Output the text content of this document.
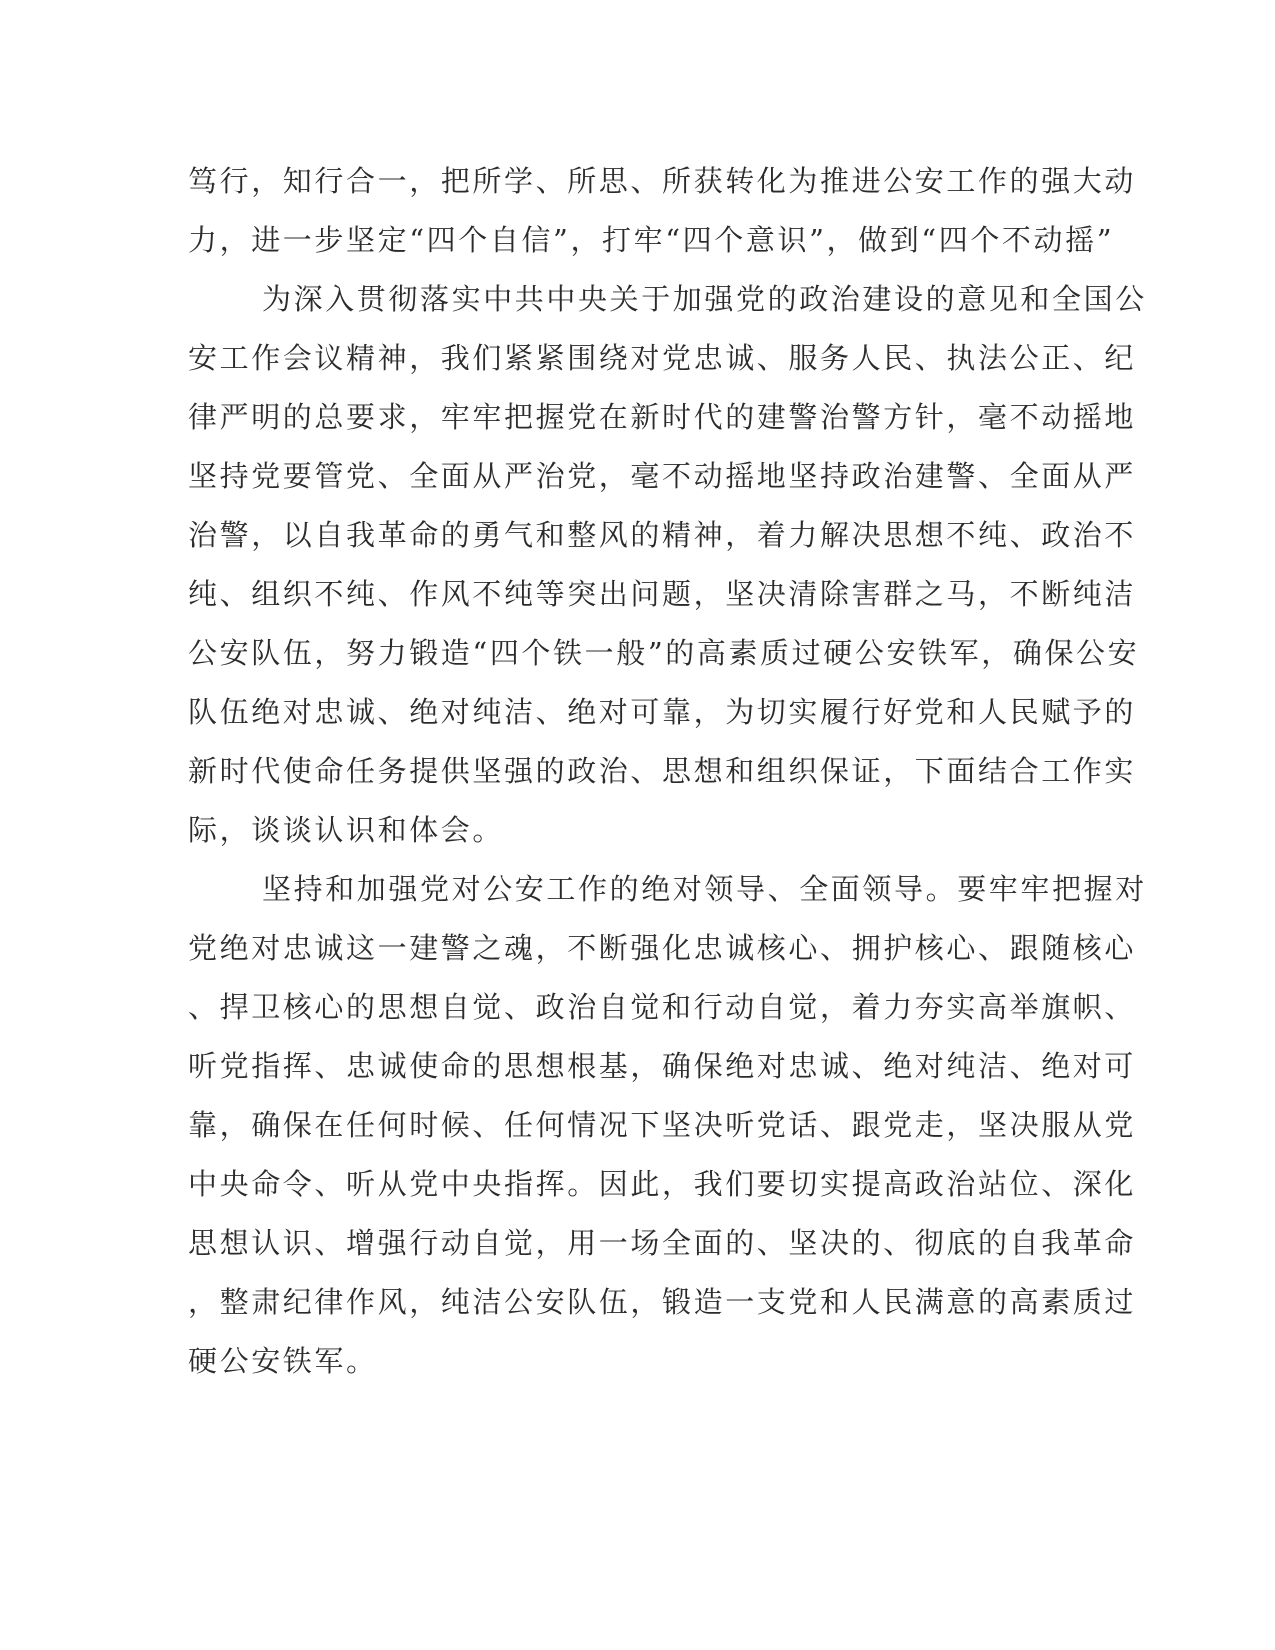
笃行，知行合一，把所学、所思、所获转化为推进公安工作的强大动

力，进一步坚定“四个自信”，打牢“四个意识”，做到“四个不动摇”

为深入贯彻落实中共中央关于加强党的政治建设的意见和全国公

安工作会议精神，我们紧紧围绕对党忠诚、服务人民、执法公正、纪

律严明的总要求，牢牢把握党在新时代的建警治警方针，毫不动摇地

坚持党要管党、全面从严治党，毫不动摇地坚持政治建警、全面从严

治警，以自我革命的勇气和整风的精神，着力解决思想不纯、政治不

纯、组织不纯、作风不纯等突出问题，坚决清除害群之马，不断纯洁

公安队伍，努力锻造“四个铁一般”的高素质过硬公安铁军，确保公安

队伍绝对忠诚、绝对纯洁、绝对可靠，为切实履行好党和人民赋予的

新时代使命任务提供坚强的政治、思想和组织保证，下面结合工作实

际，谈谈认识和体会。

坚持和加强党对公安工作的绝对领导、全面领导。要牢牢把握对

党绝对忠诚这一建警之魂，不断强化忠诚核心、拥护核心、跟随核心

、捍卫核心的思想自觉、政治自觉和行动自觉，着力夯实高举旗帜、

听党指挥、忠诚使命的思想根基，确保绝对忠诚、绝对纯洁、绝对可

靠，确保在任何时候、任何情况下坚决听党话、跟党走，坚决服从党

中央命令、听从党中央指挥。因此，我们要切实提高政治站位、深化

思想认识、增强行动自觉，用一场全面的、坚决的、彻底的自我革命

，整肃纪律作风，纯洁公安队伍，锻造一支党和人民满意的高素质过

硬公安铁军。
